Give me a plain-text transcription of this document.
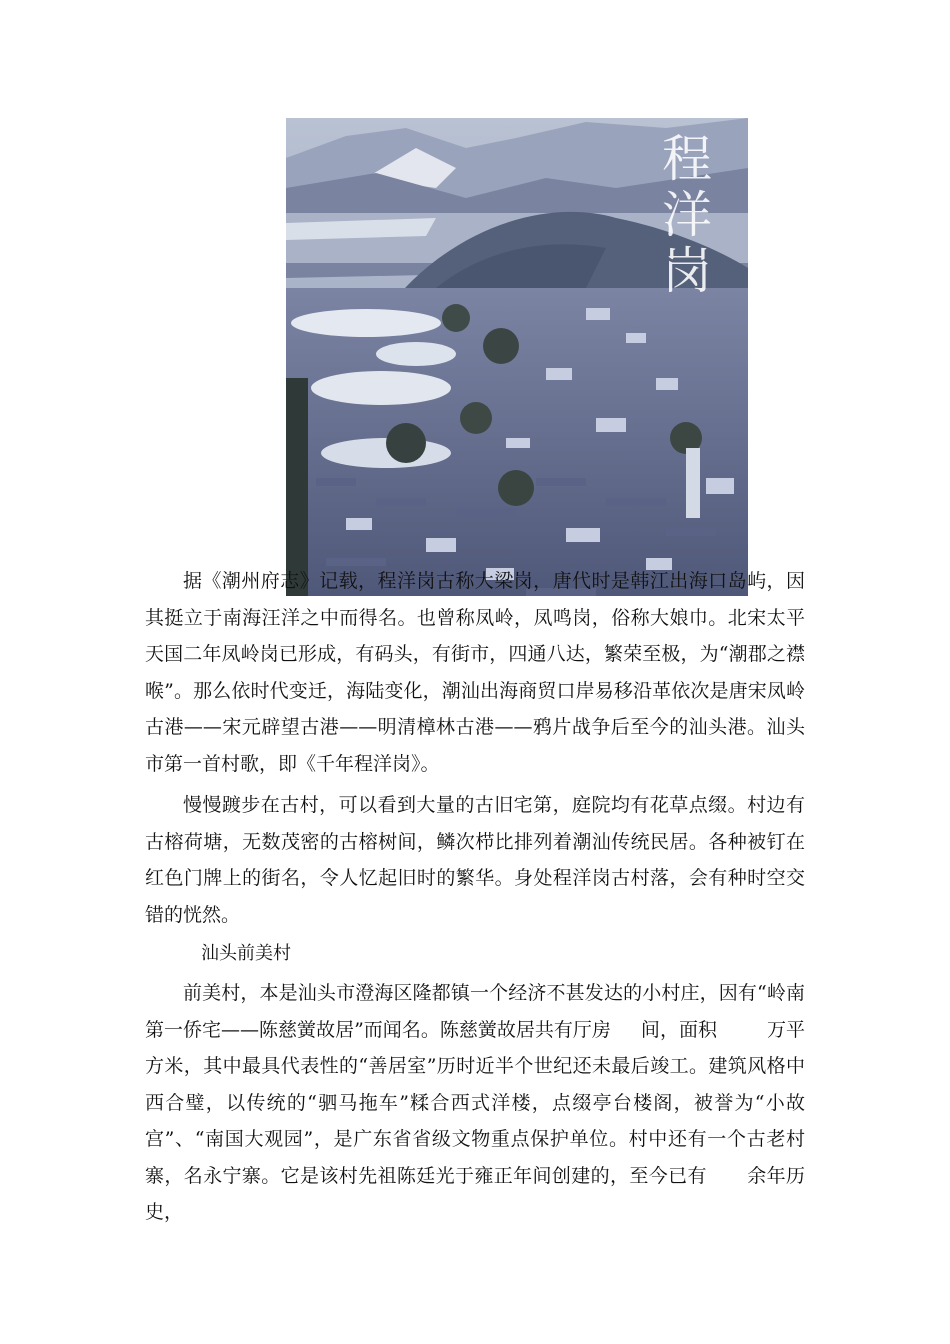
程洋岗

据《潮州府志》记载，程洋岗古称大梁岗，唐代时是韩江出海口岛屿，因其挺立于南海汪洋之中而得名。也曾称凤岭，凤鸣岗，俗称大娘巾。北宋太平天国二年凤岭岗已形成，有码头，有街市，四通八达，繁荣至极，为“潮郡之襟喉”。那么依时代变迁，海陆变化，潮汕出海商贸口岸易移沿革依次是唐宋凤岭古港——宋元辟望古港——明清樟林古港——鸦片战争后至今的汕头港。汕头市第一首村歌，即《千年程洋岗》。

慢慢踱步在古村，可以看到大量的古旧宅第，庭院均有花草点缀。村边有古榕荷塘，无数茂密的古榕树间，鳞次栉比排列着潮汕传统民居。各种被钉在红色门牌上的街名，令人忆起旧时的繁华。身处程洋岗古村落，会有种时空交错的恍然。

汕头前美村

前美村，本是汕头市澄海区隆都镇一个经济不甚发达的小村庄，因有“岭南第一侨宅——陈慈黉故居”而闻名。陈慈黉故居共有厅房 间，面积	万平方米，其中最具代表性的“善居室”历时近半个世纪还未最后竣工。建筑风格中西合璧，以传统的“驷马拖车”糅合西式洋楼，点缀亭台楼阁，被誉为“小故宫”、“南国大观园”，是广东省省级文物重点保护单位。村中还有一个古老村寨，名永宁寨。它是该村先祖陈廷光于雍正年间创建的，至今已有 余年历史，
